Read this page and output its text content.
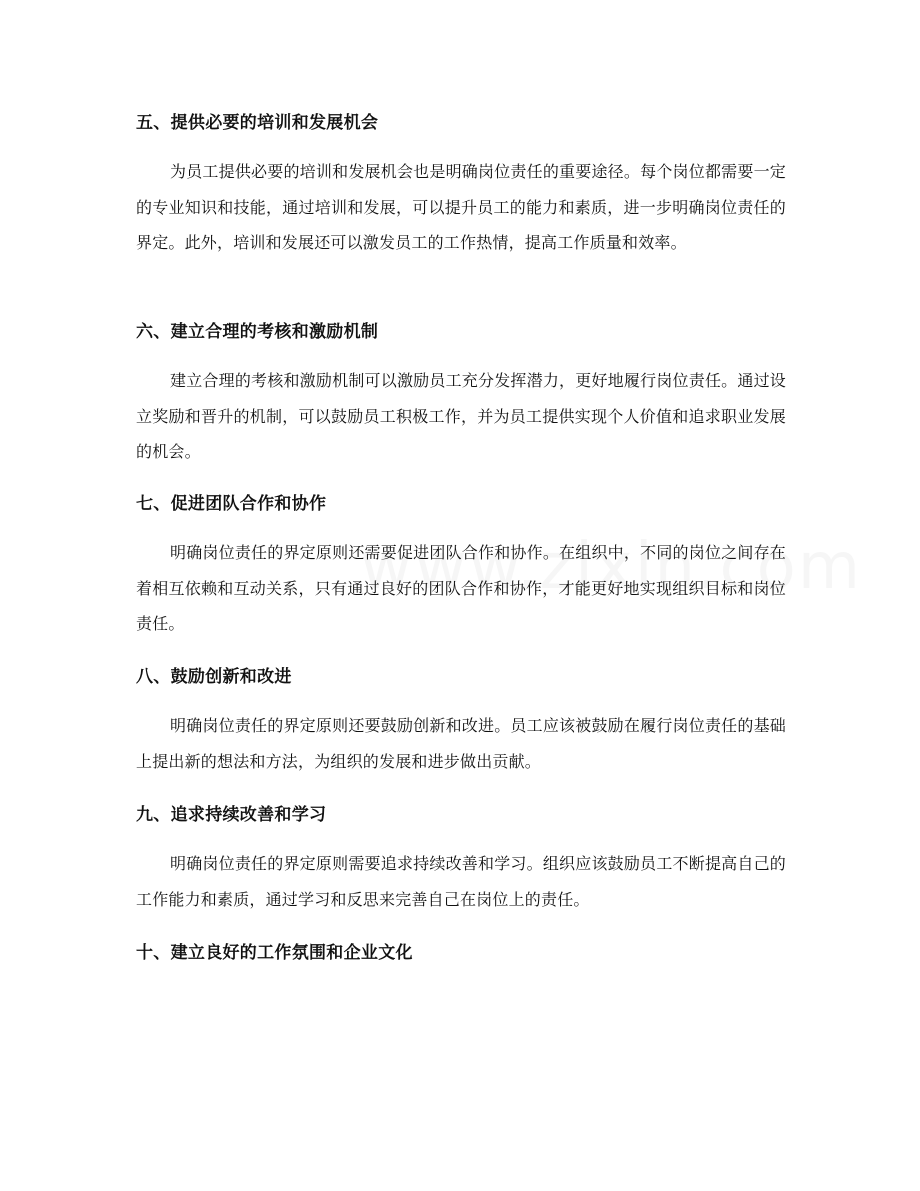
五、提供必要的培训和发展机会

为员工提供必要的培训和发展机会也是明确岗位责任的重要途径。每个岗位都需要一定的专业知识和技能，通过培训和发展，可以提升员工的能力和素质，进一步明确岗位责任的界定。此外，培训和发展还可以激发员工的工作热情，提高工作质量和效率。

六、建立合理的考核和激励机制

建立合理的考核和激励机制可以激励员工充分发挥潜力，更好地履行岗位责任。通过设立奖励和晋升的机制，可以鼓励员工积极工作，并为员工提供实现个人价值和追求职业发展的机会。

七、促进团队合作和协作

明确岗位责任的界定原则还需要促进团队合作和协作。在组织中，不同的岗位之间存在着相互依赖和互动关系，只有通过良好的团队合作和协作，才能更好地实现组织目标和岗位责任。

八、鼓励创新和改进

明确岗位责任的界定原则还要鼓励创新和改进。员工应该被鼓励在履行岗位责任的基础上提出新的想法和方法，为组织的发展和进步做出贡献。

九、追求持续改善和学习

明确岗位责任的界定原则需要追求持续改善和学习。组织应该鼓励员工不断提高自己的工作能力和素质，通过学习和反思来完善自己在岗位上的责任。

十、建立良好的工作氛围和企业文化
